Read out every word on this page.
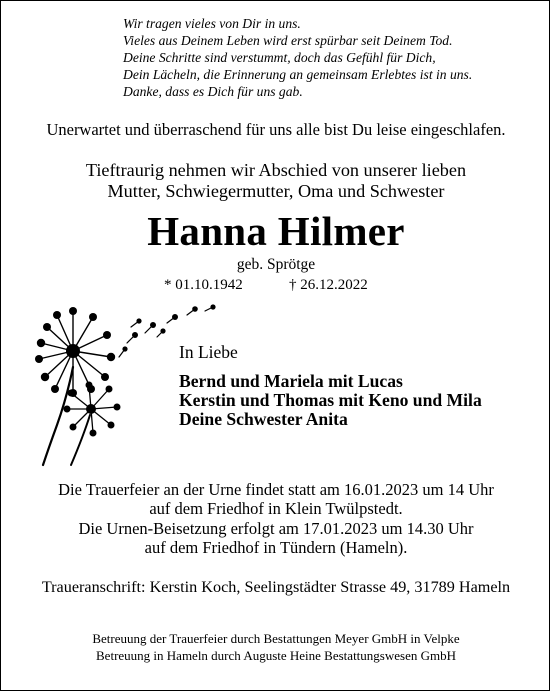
Wir tragen vieles von Dir in uns.
Vieles aus Deinem Leben wird erst spürbar seit Deinem Tod.
Deine Schritte sind verstummt, doch das Gefühl für Dich,
Dein Lächeln, die Erinnerung an gemeinsam Erlebtes ist in uns.
Danke, dass es Dich für uns gab.
Unerwartet und überraschend für uns alle bist Du leise eingeschlafen.
Tieftraurig nehmen wir Abschied von unserer lieben
Mutter, Schwiegermutter, Oma und Schwester
Hanna Hilmer
geb. Sprötge
* 01.10.1942	† 26.12.2022
In Liebe
Bernd und Mariela mit Lucas
Kerstin und Thomas mit Keno und Mila
Deine Schwester Anita
Die Trauerfeier an der Urne findet statt am 16.01.2023 um 14 Uhr
auf dem Friedhof in Klein Twülpstedt.
Die Urnen-Beisetzung erfolgt am 17.01.2023 um 14.30 Uhr
auf dem Friedhof in Tündern (Hameln).
Traueranschrift: Kerstin Koch, Seelingstädter Strasse 49, 31789 Hameln
Betreuung der Trauerfeier durch Bestattungen Meyer GmbH in Velpke
Betreuung in Hameln durch Auguste Heine Bestattungswesen GmbH
